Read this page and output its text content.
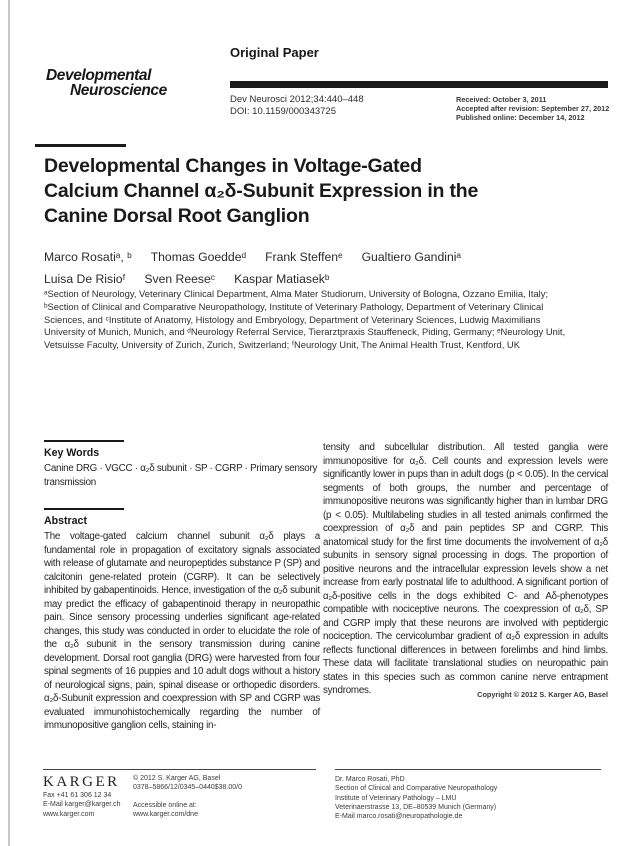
Original Paper
Developmental
Neuroscience
Dev Neurosci 2012;34:440–448
DOI: 10.1159/000343725
Received: October 3, 2011
Accepted after revision: September 27, 2012
Published online: December 14, 2012
Developmental Changes in Voltage-Gated
Calcium Channel α₂δ-Subunit Expression in the
Canine Dorsal Root Ganglion
Marco Rosatiᵃ, ᵇ Thomas Goeddeᵈ Frank Steffenᵉ Gualtiero Gandiniᵃ
Luisa De Risioᶠ Sven Reeseᶜ Kaspar Matiasekᵇ

ᵃSection of Neurology, Veterinary Clinical Department, Alma Mater Studiorum, University of Bologna, Ozzano Emilia, Italy; ᵇSection of Clinical and Comparative Neuropathology, Institute of Veterinary Pathology, Department of Veterinary Clinical Sciences, and ᶜInstitute of Anatomy, Histology and Embryology, Department of Veterinary Sciences, Ludwig Maximilians University of Munich, Munich, and ᵈNeurology Referral Service, Tierarztpraxis Stauffeneck, Piding, Germany; ᵉNeurology Unit, Vetsuisse Faculty, University of Zurich, Zurich, Switzerland; ᶠNeurology Unit, The Animal Health Trust, Kentford, UK

Key Words

Canine DRG · VGCC · α₂δ subunit · SP · CGRP · Primary sensory transmission

Abstract

The voltage-gated calcium channel subunit α₂δ plays a fundamental role in propagation of excitatory signals associated with release of glutamate and neuropeptides substance P (SP) and calcitonin gene-related protein (CGRP). It can be selectively inhibited by gabapentinoids. Hence, investigation of the α₂δ subunit may predict the efficacy of gabapentinoid therapy in neuropathic pain. Since sensory processing underlies significant age-related changes, this study was conducted in order to elucidate the role of the α₂δ subunit in the sensory transmission during canine development. Dorsal root ganglia (DRG) were harvested from four spinal segments of 16 puppies and 10 adult dogs without a history of neurological signs, pain, spinal disease or orthopedic disorders. α₂δ-Subunit expression and coexpression with SP and CGRP was evaluated immunohistochemically regarding the number of immunopositive ganglion cells, staining in-

tensity and subcellular distribution. All tested ganglia were immunopositive for α₂δ. Cell counts and expression levels were significantly lower in pups than in adult dogs (p < 0.05). In the cervical segments of both groups, the number and percentage of immunopositive neurons was significantly higher than in lumbar DRG (p < 0.05). Multilabeling studies in all tested animals confirmed the coexpression of α₂δ and pain peptides SP and CGRP. This anatomical study for the first time documents the involvement of α₂δ subunits in sensory signal processing in dogs. The proportion of positive neurons and the intracellular expression levels show a net increase from early postnatal life to adulthood. A significant portion of α₂δ-positive cells in the dogs exhibited C- and Aδ-phenotypes compatible with nociceptive neurons. The coexpression of α₂δ, SP and CGRP imply that these neurons are involved with peptidergic nociception. The cervicolumbar gradient of α₂δ expression in adults reflects functional differences in between forelimbs and hind limbs. These data will facilitate translational studies on neuropathic pain states in this species such as common canine nerve entrapment syndromes.	Copyright © 2012 S. Karger AG, Basel
KARGER
Fax +41 61 306 12 34
E-Mail karger@karger.ch
www.karger.com
© 2012 S. Karger AG, Basel
0378–5866/12/0345–0440$38.00/0
Accessible online at:
www.karger.com/dne
Dr. Marco Rosati, PhD
Section of Clinical and Comparative Neuropathology
Institute of Veterinary Pathology – LMU
Veterinaerstrasse 13, DE–80539 Munich (Germany)
E-Mail marco.rosati@neuropathologie.de
